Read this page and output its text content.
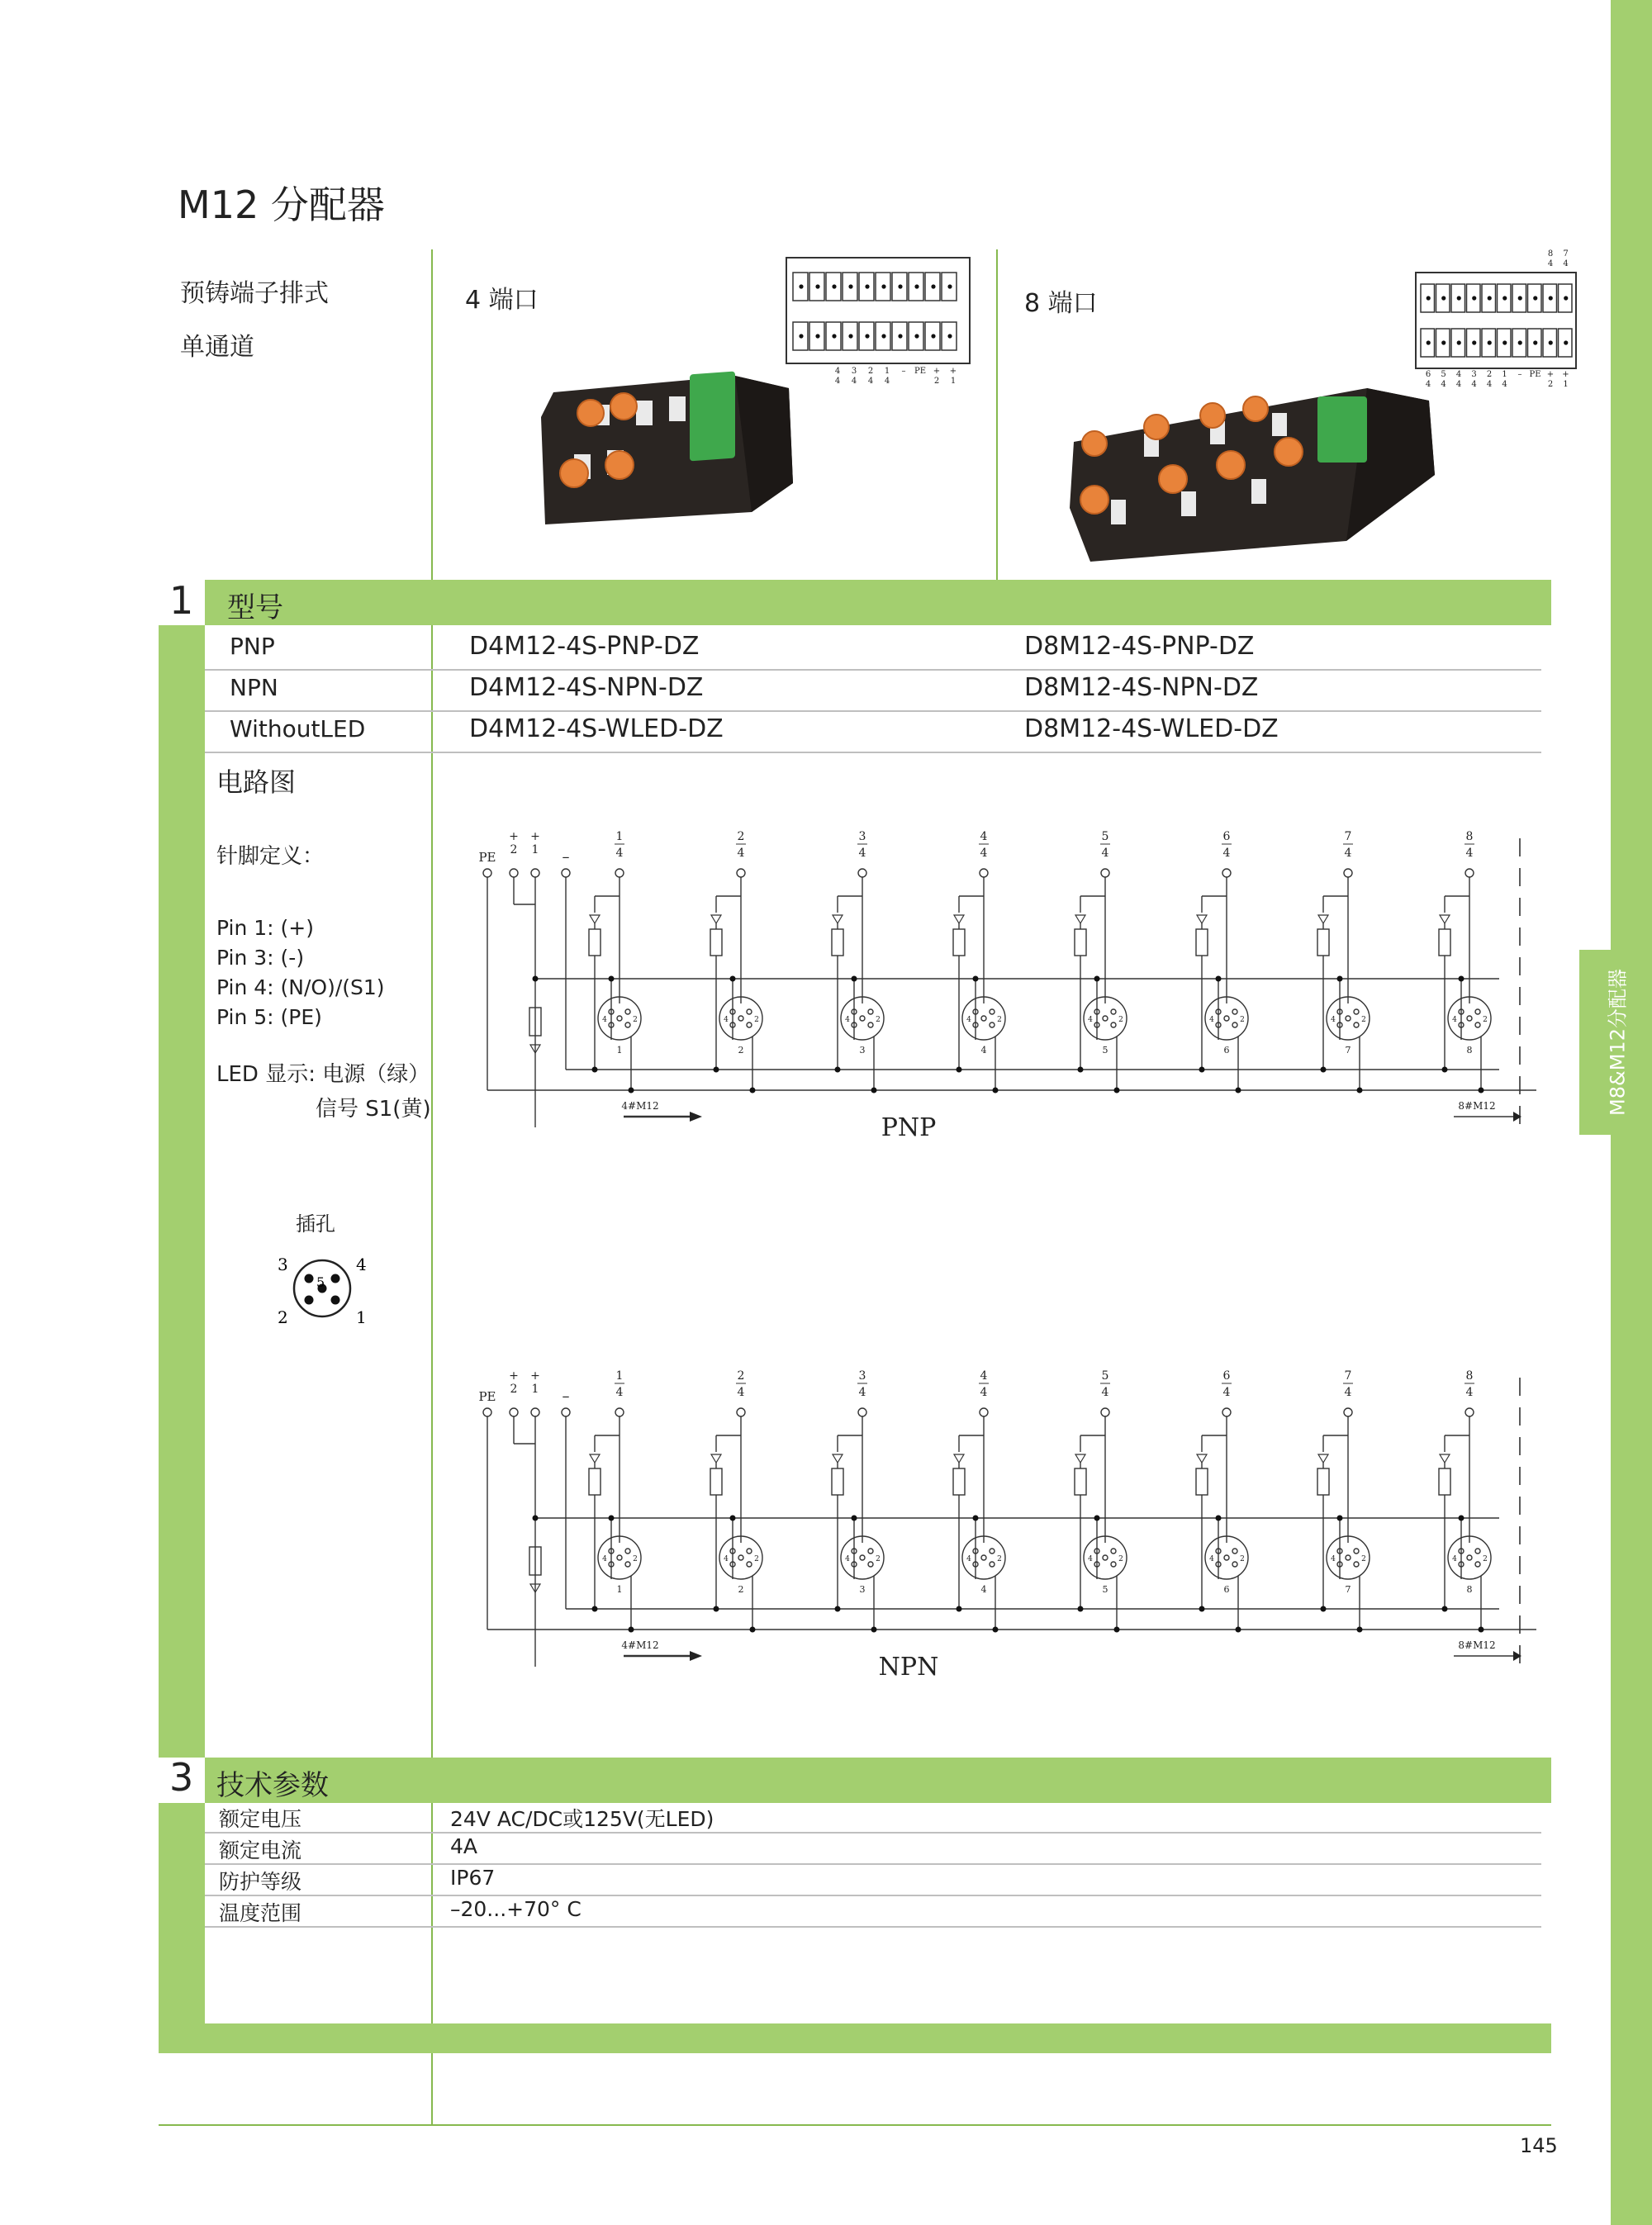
M8&M12分配器
M12 分配器
预铸端子排式
单通道
4 端口	8 端口
4 3 2 1 – PE + +
4 4 4 4	2 1
8 7
4 4
6 5 4 3 2 1 – PE + +
4 4 4 4 4 4	2 1
1 型号
PNP	D4M12-4S-PNP-DZ	D8M12-4S-PNP-DZ
NPN	D4M12-4S-NPN-DZ	D8M12-4S-NPN-DZ
WithoutLED	D4M12-4S-WLED-DZ	D8M12-4S-WLED-DZ
电路图
针脚定义：
Pin 1: (+)
Pin 3: (-)
Pin 4: (N/O)/(S1)
Pin 5: (PE)
LED 显示: 电源（绿）
信号 S1(黄)
插孔
3	4
5
2	1
PE
+
2
+
1 –
1
4
4	2
1
2
4
4	2
2
3
4
4	2
3
4
4
4	2
4
5
4
4	2
5
6
4
4	2
6
7
4
4	2
7
8
4
4	2
8
PNP
4#M12	8#M12
PE
+
2
+
1 –
1
4
4	2
1
2
4
4	2
2
3
4
4	2
3
4
4
4	2
4
5
4
4	2
5
6
4
4	2
6
7
4
4	2
7
8
4
4	2
8
NPN
4#M12	8#M12
3 技术参数
额定电压	24V AC/DC或125V(无LED)
额定电流	4A
防护等级	IP67
温度范围	–20...+70° C
145
